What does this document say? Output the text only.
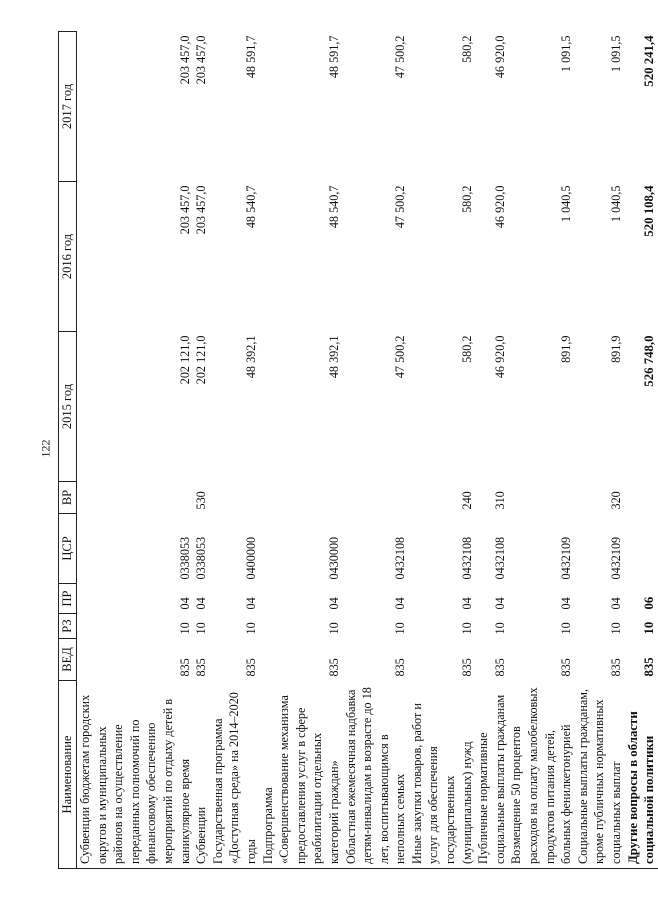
122
Наименование	ВЕД	РЗ	ПР	ЦСР	ВР	2015 год	2016 год	2017 год
Субвенции бюджетам городских округов и муниципальных районов на осуществление переданных полномочий по финансовому обеспечению мероприятий по отдыху детей в каникулярное время	835	10	04	0338053		202 121,0	203 457,0	203 457,0
Субвенции	835	10	04	0338053	530	202 121,0	203 457,0	203 457,0
Государственная программа «Доступная среда» на 2014–2020 годы	835	10	04	0400000		48 392,1	48 540,7	48 591,7
Подпрограмма «Совершенствование механизма предоставления услуг в сфере реабилитации отдельных категорий граждан»	835	10	04	0430000		48 392,1	48 540,7	48 591,7
Областная ежемесячная надбавка детям-инвалидам в возрасте до 18 лет, воспитывающимся в неполных семьях	835	10	04	0432108		47 500,2	47 500,2	47 500,2
Иные закупки товаров, работ и услуг для обеспечения государственных (муниципальных) нужд	835	10	04	0432108	240	580,2	580,2	580,2
Публичные нормативные социальные выплаты гражданам	835	10	04	0432108	310	46 920,0	46 920,0	46 920,0
Возмещение 50 процентов расходов на оплату малобелковых продуктов питания детей, больных фенилкетонурией	835	10	04	0432109		891,9	1 040,5	1 091,5
Социальные выплаты гражданам, кроме публичных нормативных социальных выплат	835	10	04	0432109	320	891,9	1 040,5	1 091,5
Другие вопросы в области социальной политики	835	10	06			526 748,0	520 108,4	520 241,4
